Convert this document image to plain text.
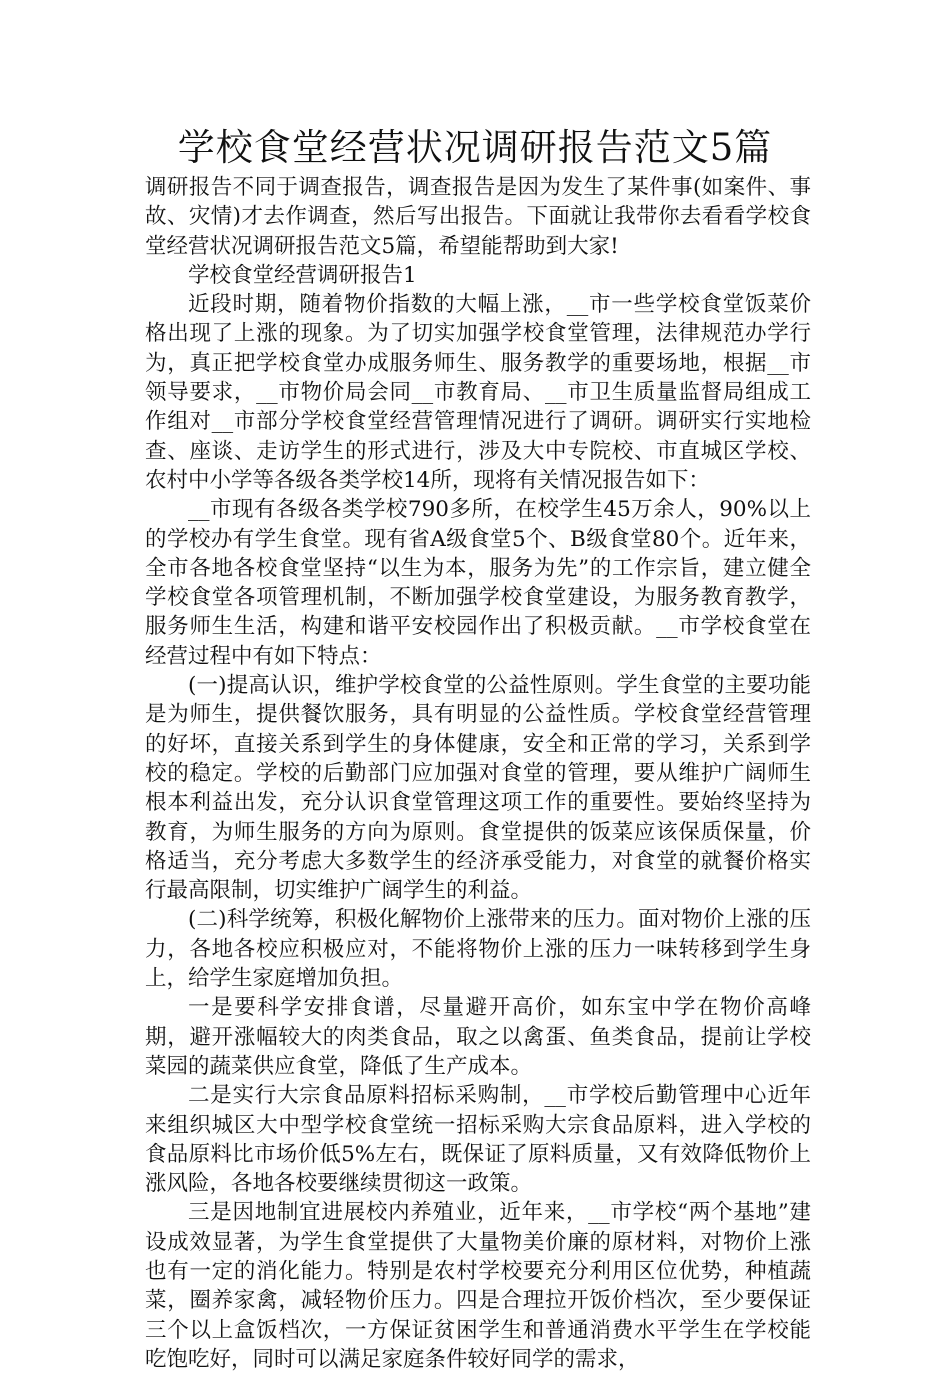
学校食堂经营状况调研报告范文5篇

调研报告不同于调查报告，调查报告是因为发生了某件事(如案件、事故、灾情)才去作调查，然后写出报告。下面就让我带你去看看学校食堂经营状况调研报告范文5篇，希望能帮助到大家!

学校食堂经营调研报告1

近段时期，随着物价指数的大幅上涨，__市一些学校食堂饭菜价格出现了上涨的现象。为了切实加强学校食堂管理，法律规范办学行为，真正把学校食堂办成服务师生、服务教学的重要场地，根据__市领导要求，__市物价局会同__市教育局、__市卫生质量监督局组成工作组对__市部分学校食堂经营管理情况进行了调研。调研实行实地检查、座谈、走访学生的形式进行，涉及大中专院校、市直城区学校、农村中小学等各级各类学校14所，现将有关情况报告如下：

__市现有各级各类学校790多所，在校学生45万余人，90%以上的学校办有学生食堂。现有省A级食堂5个、B级食堂80个。近年来，全市各地各校食堂坚持“以生为本，服务为先”的工作宗旨，建立健全学校食堂各项管理机制，不断加强学校食堂建设，为服务教育教学，服务师生生活，构建和谐平安校园作出了积极贡献。__市学校食堂在经营过程中有如下特点：

(一)提高认识，维护学校食堂的公益性原则。学生食堂的主要功能是为师生，提供餐饮服务，具有明显的公益性质。学校食堂经营管理的好坏，直接关系到学生的身体健康，安全和正常的学习，关系到学校的稳定。学校的后勤部门应加强对食堂的管理，要从维护广阔师生根本利益出发，充分认识食堂管理这项工作的重要性。要始终坚持为教育，为师生服务的方向为原则。食堂提供的饭菜应该保质保量，价格适当，充分考虑大多数学生的经济承受能力，对食堂的就餐价格实行最高限制，切实维护广阔学生的利益。

(二)科学统筹，积极化解物价上涨带来的压力。面对物价上涨的压力，各地各校应积极应对，不能将物价上涨的压力一味转移到学生身上，给学生家庭增加负担。

一是要科学安排食谱，尽量避开高价，如东宝中学在物价高峰期，避开涨幅较大的肉类食品，取之以禽蛋、鱼类食品，提前让学校菜园的蔬菜供应食堂，降低了生产成本。

二是实行大宗食品原料招标采购制，__市学校后勤管理中心近年来组织城区大中型学校食堂统一招标采购大宗食品原料，进入学校的食品原料比市场价低5%左右，既保证了原料质量，又有效降低物价上涨风险，各地各校要继续贯彻这一政策。

三是因地制宜进展校内养殖业，近年来，__市学校“两个基地”建设成效显著，为学生食堂提供了大量物美价廉的原材料，对物价上涨也有一定的消化能力。特别是农村学校要充分利用区位优势，种植蔬菜，圈养家禽，减轻物价压力。四是合理拉开饭价档次，至少要保证三个以上盒饭档次，一方保证贫困学生和普通消费水平学生在学校能吃饱吃好，同时可以满足家庭条件较好同学的需求，
